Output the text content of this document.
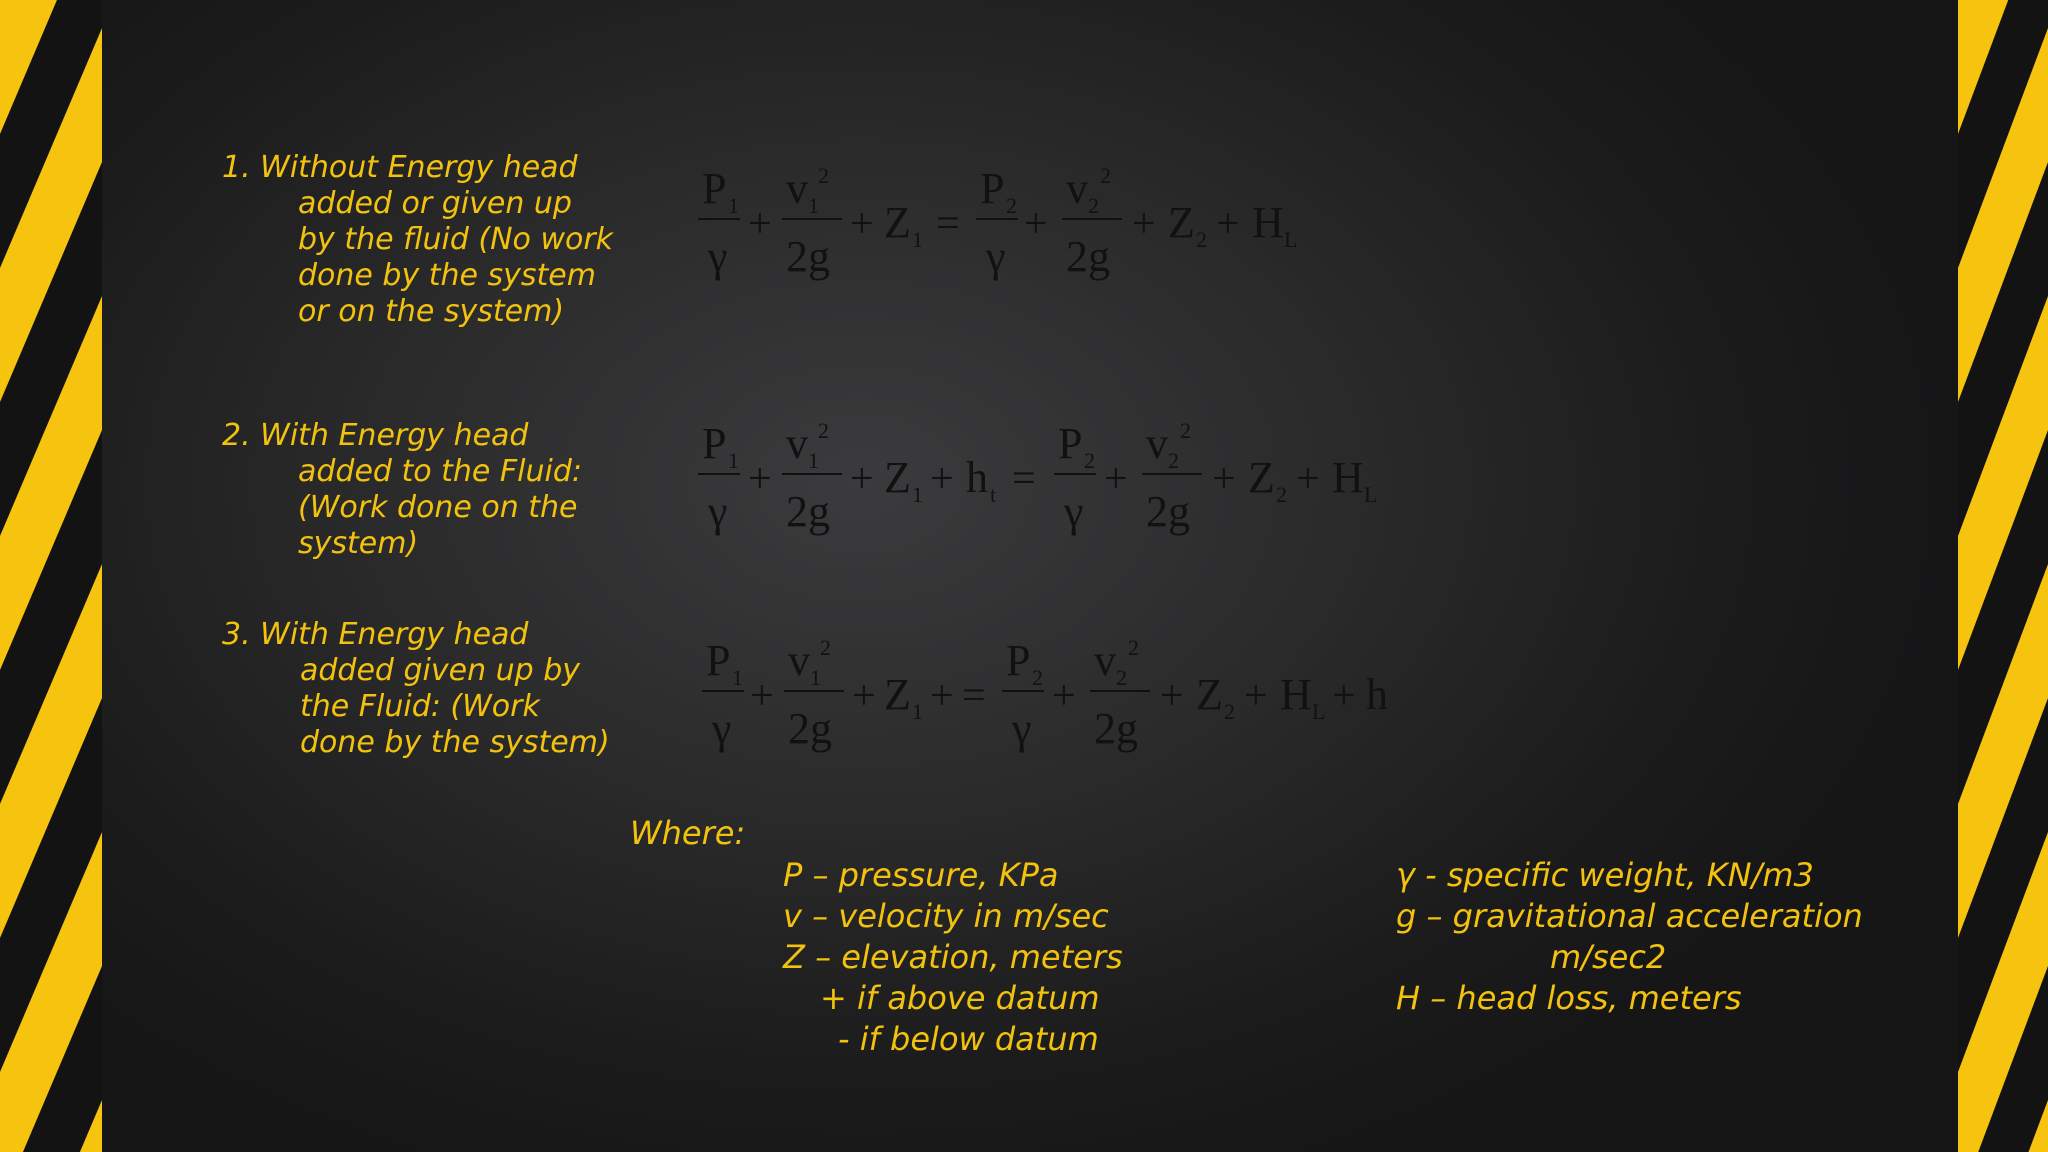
1. Without Energy head
added or given up
by the fluid (No work
done by the system
or on the system)
2. With Energy head
added to the Fluid:
(Work done on the
system)
3. With Energy head
added given up by
the Fluid: (Work
done by the system)
P 1
γ
+
v 1
2
2g
+ Z 1 =
P 2
γ
+
v 2
2
2g
+ Z 2 + H L
P 1
γ
+
v 1
2
2g
+ Z 1 + h t =
P 2
γ
+
v 2
2
2g
+ Z 2 + H L
P 1
γ
+
v 1
2
2g
+ Z 1 + =
P 2
γ
+
v 2
2
2g
+ Z 2 + H L + h
Where:
P – pressure, KPa
v – velocity in m/sec
Z – elevation, meters
+ if above datum
- if below datum
γ - specific weight, KN/m3
g – gravitational acceleration
m/sec2
H – head loss, meters
